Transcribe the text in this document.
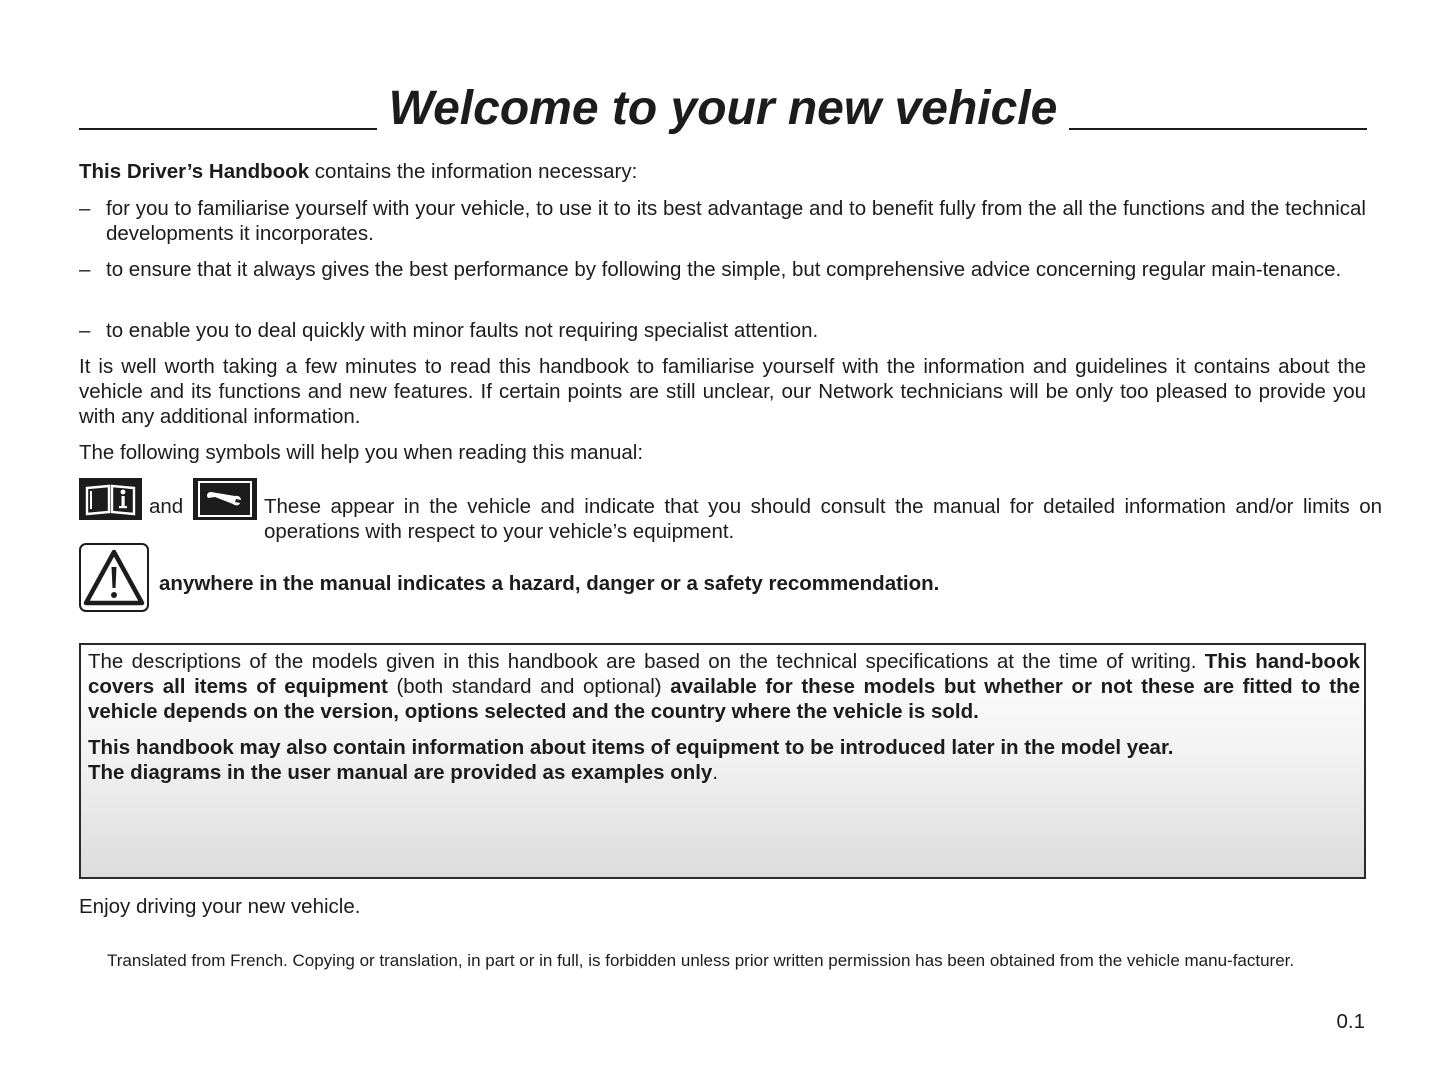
Welcome to your new vehicle

This Driver’s Handbook contains the information necessary:

– for you to familiarise yourself with your vehicle, to use it to its best advantage and to benefit fully from the all the functions and the technical developments it incorporates.
– to ensure that it always gives the best performance by following the simple, but comprehensive advice concerning regular main-tenance.
– to enable you to deal quickly with minor faults not requiring specialist attention.

It is well worth taking a few minutes to read this handbook to familiarise yourself with the information and guidelines it contains about the vehicle and its functions and new features. If certain points are still unclear, our Network technicians will be only too pleased to provide you with any additional information.

The following symbols will help you when reading this manual:

and	These appear in the vehicle and indicate that you should consult the manual for detailed information and/or limits on operations with respect to your vehicle’s equipment.
anywhere in the manual indicates a hazard, danger or a safety recommendation.

The descriptions of the models given in this handbook are based on the technical specifications at the time of writing. This hand-book covers all items of equipment (both standard and optional) available for these models but whether or not these are fitted to the vehicle depends on the version, options selected and the country where the vehicle is sold.

This handbook may also contain information about items of equipment to be introduced later in the model year.
The diagrams in the user manual are provided as examples only.

Enjoy driving your new vehicle.

Translated from French. Copying or translation, in part or in full, is forbidden unless prior written permission has been obtained from the vehicle manu-facturer.
0.1
